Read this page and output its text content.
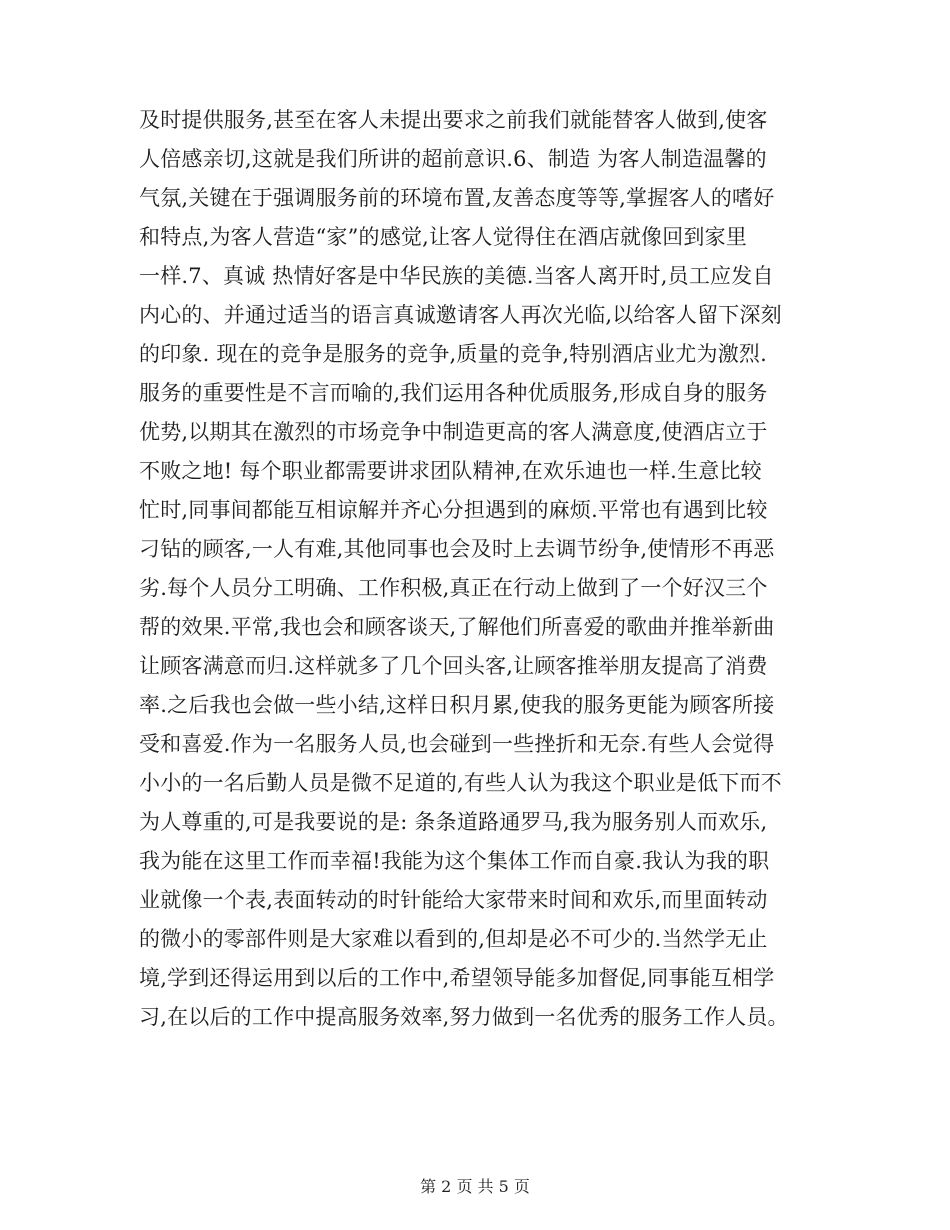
及时提供服务,甚至在客人未提出要求之前我们就能替客人做到,使客
人倍感亲切,这就是我们所讲的超前意识.6、制造 为客人制造温馨的
气氛,关键在于强调服务前的环境布置,友善态度等等,掌握客人的嗜好
和特点,为客人营造“家”的感觉,让客人觉得住在酒店就像回到家里
一样.7、真诚 热情好客是中华民族的美德.当客人离开时,员工应发自
内心的、并通过适当的语言真诚邀请客人再次光临,以给客人留下深刻
的印象. 现在的竞争是服务的竞争,质量的竞争,特别酒店业尤为激烈.
服务的重要性是不言而喻的,我们运用各种优质服务,形成自身的服务
优势,以期其在激烈的市场竞争中制造更高的客人满意度,使酒店立于
不败之地! 每个职业都需要讲求团队精神,在欢乐迪也一样.生意比较
忙时,同事间都能互相谅解并齐心分担遇到的麻烦.平常也有遇到比较
刁钻的顾客,一人有难,其他同事也会及时上去调节纷争,使情形不再恶
劣.每个人员分工明确、工作积极,真正在行动上做到了一个好汉三个
帮的效果.平常,我也会和顾客谈天,了解他们所喜爱的歌曲并推举新曲
让顾客满意而归.这样就多了几个回头客,让顾客推举朋友提高了消费
率.之后我也会做一些小结,这样日积月累,使我的服务更能为顾客所接
受和喜爱.作为一名服务人员,也会碰到一些挫折和无奈.有些人会觉得
小小的一名后勤人员是微不足道的,有些人认为我这个职业是低下而不
为人尊重的,可是我要说的是: 条条道路通罗马,我为服务别人而欢乐,
我为能在这里工作而幸福!我能为这个集体工作而自豪.我认为我的职
业就像一个表,表面转动的时针能给大家带来时间和欢乐,而里面转动
的微小的零部件则是大家难以看到的,但却是必不可少的.当然学无止
境,学到还得运用到以后的工作中,希望领导能多加督促,同事能互相学
习,在以后的工作中提高服务效率,努力做到一名优秀的服务工作人员。
第 2 页 共 5 页
